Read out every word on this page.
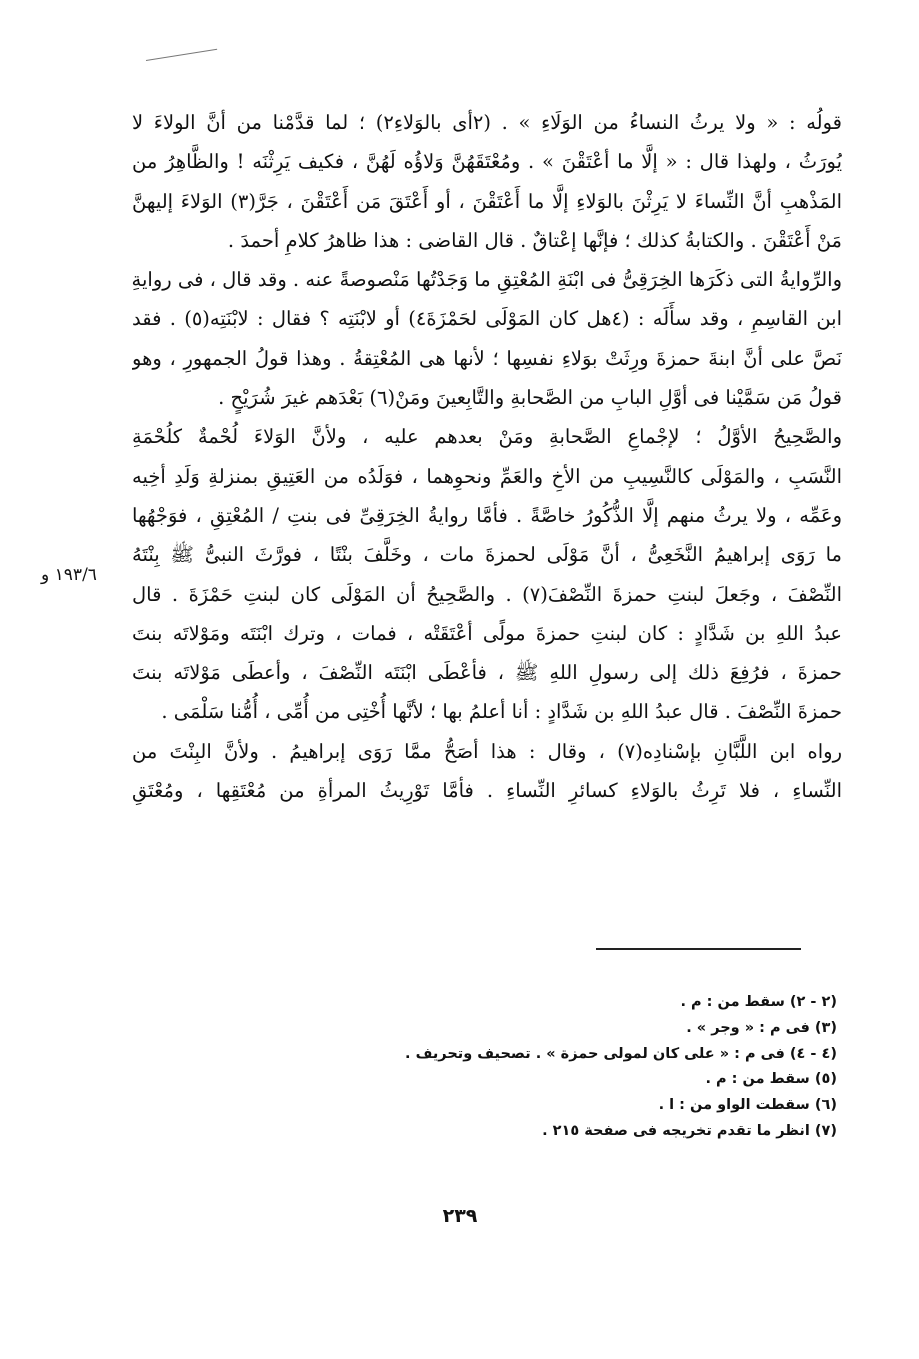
قولُه : « ولا يرثُ النساءُ من الوَلَاءِ » . (٢أى بالوَلاءِ٢) ؛ لما قدَّمْنا من أنَّ الولاءَ لا
يُورَثُ ، ولهذا قال : « إلَّا ما أعْتَقْنَ » . ومُعْتَقَهُنَّ وَلاؤُه لَهُنَّ ، فكيف يَرِثْنَه ! والظَّاهِرُ من
المَذْهبِ أنَّ النِّساءَ لا يَرِثْنَ بالوَلاءِ إلَّا ما أَعْتَقْنَ ، أو أَعْتَقَ مَن أَعْتَقْنَ ، جَرَّ(٣) الوَلاءَ إليهنَّ
مَنْ أَعْتَقْنَ . والكتابةُ كذلك ؛ فإنَّها إعْتاقٌ . قال القاضى : هذا ظاهرُ كلامِ أحمدَ .
والرِّوايةُ التى ذكَرَها الخِرَقِىُّ فى ابْنَةِ المُعْتِقِ ما وَجَدْتُها مَنْصوصةً عنه . وقد قال ، فى روايةِ
ابن القاسِمِ ، وقد سأَلَه : (٤هل كان المَوْلَى لحَمْزَةَ٤) أو لابْنَتِه ؟ فقال : لابْنَتِه(٥) . فقد
نَصَّ على أنَّ ابنةَ حمزةَ ورِثَتْ بوَلاءِ نفسِها ؛ لأنها هى المُعْتِقةُ . وهذا قولُ الجمهورِ ، وهو
قولُ مَن سَمَّيْنا فى أوَّلِ البابِ من الصَّحابةِ والتَّابِعينَ ومَنْ(٦) بَعْدَهم غيرَ شُرَيْحٍ .
والصَّحِيحُ الأوَّلُ ؛ لإجْماعِ الصَّحابةِ ومَنْ بعدهم عليه ، ولأنَّ الوَلاءَ لُحْمةٌ كلُحْمَةِ
النَّسَبِ ، والمَوْلَى كالنَّسِيبِ من الأخِ والعَمِّ ونحوِهما ، فوَلَدُه من العَتِيقِ بمنزلةِ وَلَدِ أخِيه
وعَمِّه ، ولا يرثُ منهم إلَّا الذُّكُورُ خاصَّةً . فأمَّا روايةُ الخِرَقِىِّ فى بنتِ / المُعْتِقِ ، فوَجْهُها
ما رَوَى إبراهيمُ النَّخَعِىُّ ، أنَّ مَوْلَى لحمزةَ مات ، وخَلَّفَ بنْتًا ، فورَّثَ النبىُّ ﷺ بِنْتَهُ
النِّصْفَ ، وجَعلَ لبنتِ حمزةَ النِّصْفَ(٧) . والصَّحِيحُ أن المَوْلَى كان لبنتِ حَمْزَةَ . قال
عبدُ اللهِ بن شَدَّادٍ : كان لبنتِ حمزةَ مولًى أعْتَقَتْه ، فمات ، وترك ابْنَتَه ومَوْلاتَه بنتَ
حمزةَ ، فرُفِعَ ذلك إلى رسولِ اللهِ ﷺ ، فأعْطَى ابْنَتَه النِّصْفَ ، وأعطَى مَوْلاتَه بنتَ
حمزةَ النِّصْفَ . قال عبدُ اللهِ بن شَدَّادٍ : أنا أعلمُ بها ؛ لأنَّها أُخْتِى من أُمِّى ، أُمُّنا سَلْمَى .
رواه ابن اللَّبَّانِ بإسْنادِه(٧) ، وقال : هذا أصَحُّ ممَّا رَوَى إبراهيمُ . ولأنَّ البِنْتَ من
النِّساءِ ، فلا تَرِثُ بالوَلاءِ كسائرِ النِّساءِ . فأمَّا تَوْرِيثُ المرأةِ من مُعْتَقِها ، ومُعْتَقِ
١٩٣/٦ و
(٢ - ٢) سقط من : م .
(٣) فى م : « وجر » .
(٤ - ٤) فى م : « على كان لمولى حمزة » . تصحيف وتحريف .
(٥) سقط من : م .
(٦) سقطت الواو من : ا .
(٧) انظر ما تقدم تخريجه فى صفحة ٢١٥ .
٢٣٩
